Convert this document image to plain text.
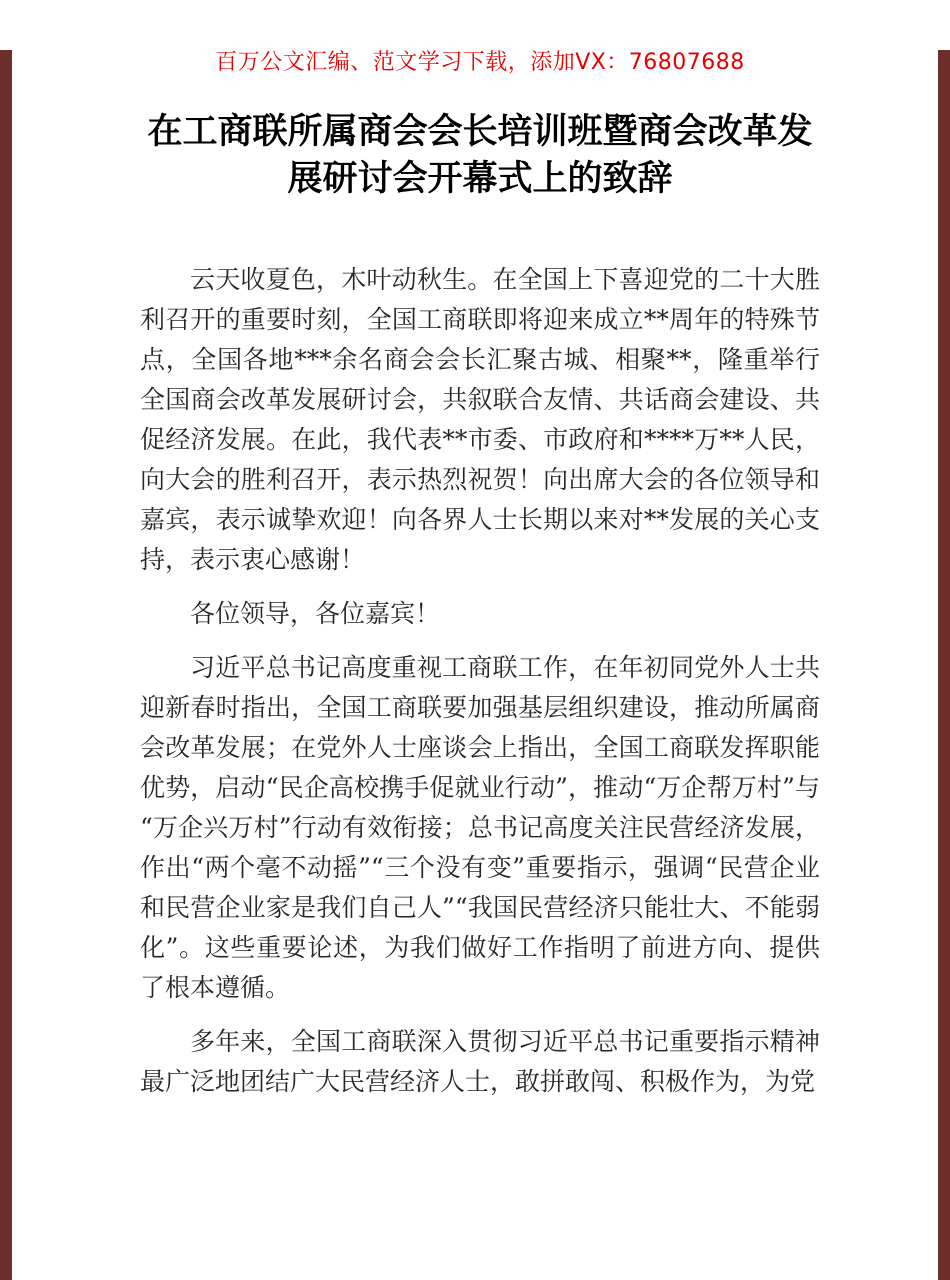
百万公文汇编、范文学习下载，添加VX：76807688
在工商联所属商会会长培训班暨商会改革发
展研讨会开幕式上的致辞

云天收夏色，木叶动秋生。在全国上下喜迎党的二十大胜利召开的重要时刻，全国工商联即将迎来成立**周年的特殊节点，全国各地***余名商会会长汇聚古城、相聚**，隆重举行全国商会改革发展研讨会，共叙联合友情、共话商会建设、共促经济发展。在此，我代表**市委、市政府和****万**人民，向大会的胜利召开，表示热烈祝贺！向出席大会的各位领导和嘉宾，表示诚挚欢迎！向各界人士长期以来对**发展的关心支持，表示衷心感谢！

各位领导，各位嘉宾！

习近平总书记高度重视工商联工作，在年初同党外人士共迎新春时指出，全国工商联要加强基层组织建设，推动所属商会改革发展；在党外人士座谈会上指出，全国工商联发挥职能优势，启动“民企高校携手促就业行动”，推动“万企帮万村”与“万企兴万村”行动有效衔接；总书记高度关注民营经济发展，作出“两个毫不动摇”“三个没有变”重要指示，强调“民营企业和民营企业家是我们自己人”“我国民营经济只能壮大、不能弱化”。这些重要论述，为我们做好工作指明了前进方向、提供了根本遵循。

多年来，全国工商联深入贯彻习近平总书记重要指示精神最广泛地团结广大民营经济人士，敢拼敢闯、积极作为，为党
